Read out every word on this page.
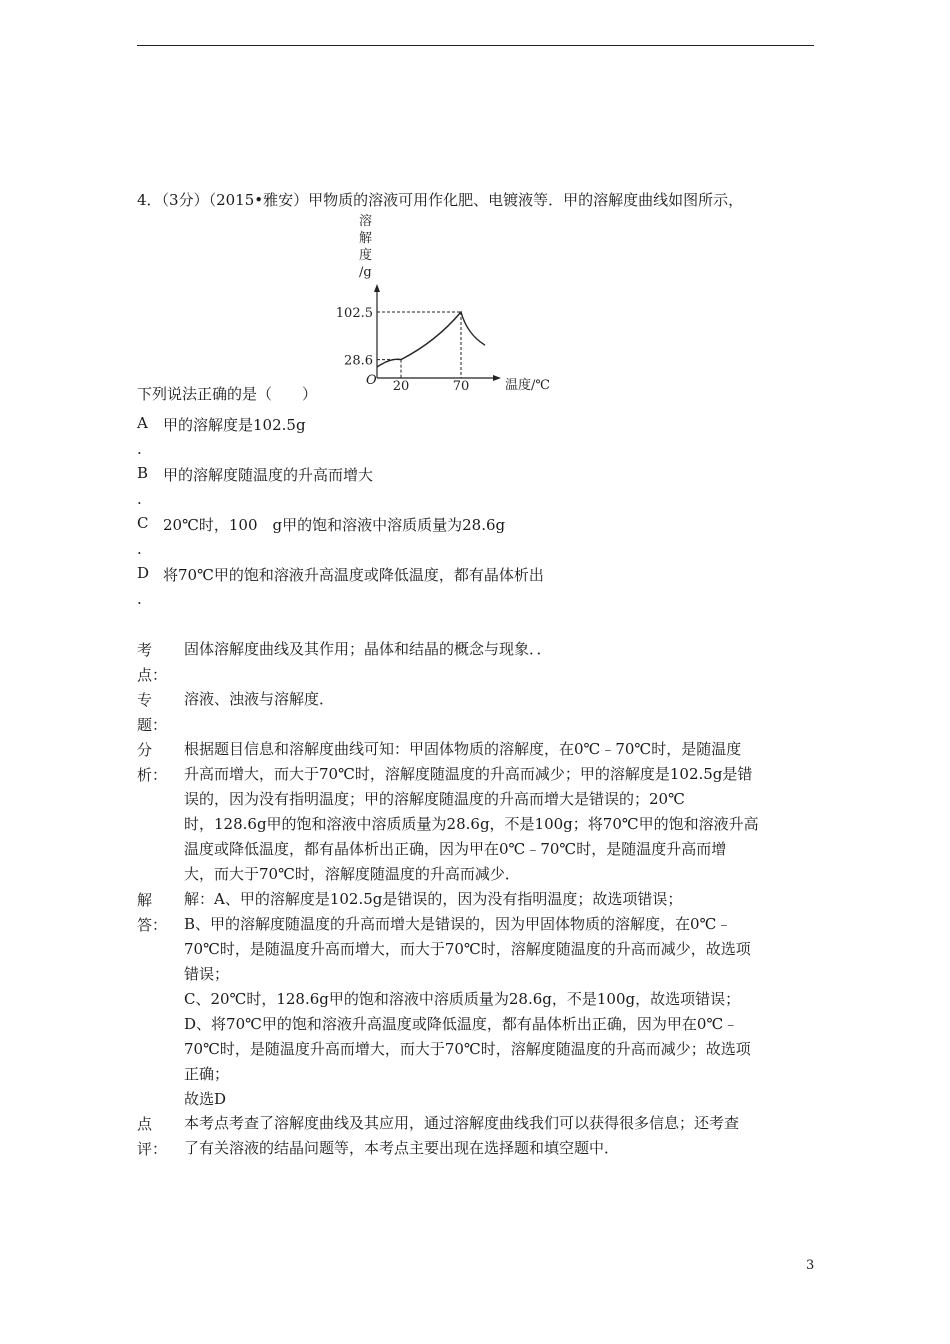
4．（3分）（2015•雅安）甲物质的溶液可用作化肥、电镀液等．甲的溶解度曲线如图所示，
溶
解
度
/g
O	温度/℃
28.6
102.5
20	70
下列说法正确的是（　　）
A 甲的溶解度是102.5g
.
B 甲的溶解度随温度的升高而增大
.
C 20℃时，100　g甲的饱和溶液中溶质质量为28.6g
.
D 将70℃甲的饱和溶液升高温度或降低温度，都有晶体析出
.
考
点：
固体溶解度曲线及其作用；晶体和结晶的概念与现象．．
专
题：
溶液、浊液与溶解度．
分
析：
根据题目信息和溶解度曲线可知：甲固体物质的溶解度，在0℃﹣70℃时，是随温度
升高而增大，而大于70℃时，溶解度随温度的升高而减少；甲的溶解度是102.5g是错
误的，因为没有指明温度；甲的溶解度随温度的升高而增大是错误的；20℃
时，128.6g甲的饱和溶液中溶质质量为28.6g，不是100g；将70℃甲的饱和溶液升高
温度或降低温度，都有晶体析出正确，因为甲在0℃﹣70℃时，是随温度升高而增
大，而大于70℃时，溶解度随温度的升高而减少．
解
答：
解：A、甲的溶解度是102.5g是错误的，因为没有指明温度；故选项错误；
B、甲的溶解度随温度的升高而增大是错误的，因为甲固体物质的溶解度，在0℃﹣
70℃时，是随温度升高而增大，而大于70℃时，溶解度随温度的升高而减少，故选项
错误；
C、20℃时，128.6g甲的饱和溶液中溶质质量为28.6g，不是100g，故选项错误；
D、将70℃甲的饱和溶液升高温度或降低温度，都有晶体析出正确，因为甲在0℃﹣
70℃时，是随温度升高而增大，而大于70℃时，溶解度随温度的升高而减少；故选项
正确；
故选D
点
评：
本考点考查了溶解度曲线及其应用，通过溶解度曲线我们可以获得很多信息；还考查
了有关溶液的结晶问题等，本考点主要出现在选择题和填空题中．
3
